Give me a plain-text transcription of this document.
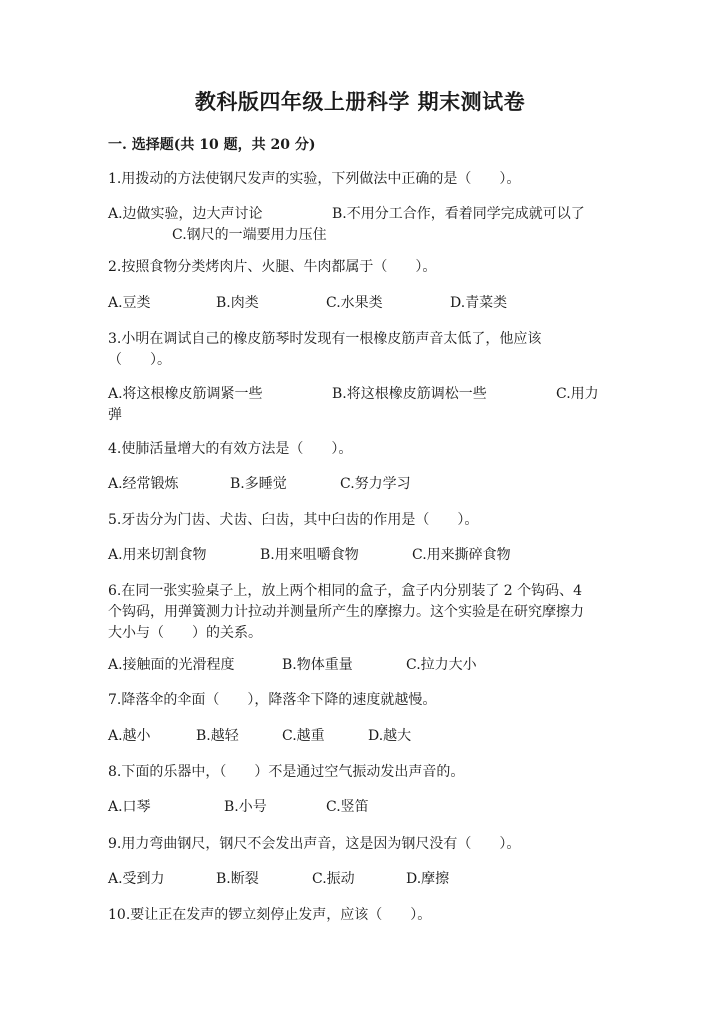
教科版四年级上册科学 期末测试卷
一. 选择题(共 10 题，共 20 分)
1.用拨动的方法使钢尺发声的实验，下列做法中正确的是（　　）。
A.边做实验，边大声讨论	B.不用分工合作，看着同学完成就可以了
C.钢尺的一端要用力压住
2.按照食物分类烤肉片、火腿、牛肉都属于（　　）。
A.豆类	B.肉类	C.水果类	D.青菜类
3.小明在调试自己的橡皮筋琴时发现有一根橡皮筋声音太低了，他应该
（　　）。
A.将这根橡皮筋调紧一些	B.将这根橡皮筋调松一些	C.用力
弹
4.使肺活量增大的有效方法是（　　）。
A.经常锻炼	B.多睡觉	C.努力学习
5.牙齿分为门齿、犬齿、臼齿，其中臼齿的作用是（　　）。
A.用来切割食物	B.用来咀嚼食物	C.用来撕碎食物
6.在同一张实验桌子上，放上两个相同的盒子，盒子内分别装了 2 个钩码、4
个钩码，用弹簧测力计拉动并测量所产生的摩擦力。这个实验是在研究摩擦力
大小与（　　）的关系。
A.接触面的光滑程度	B.物体重量	C.拉力大小
7.降落伞的伞面（　　），降落伞下降的速度就越慢。
A.越小	B.越轻	C.越重	D.越大
8.下面的乐器中，（　　）不是通过空气振动发出声音的。
A.口琴	B.小号	C.竖笛
9.用力弯曲钢尺，钢尺不会发出声音，这是因为钢尺没有（　　）。
A.受到力	B.断裂	C.振动	D.摩擦
10.要让正在发声的锣立刻停止发声，应该（　　）。
